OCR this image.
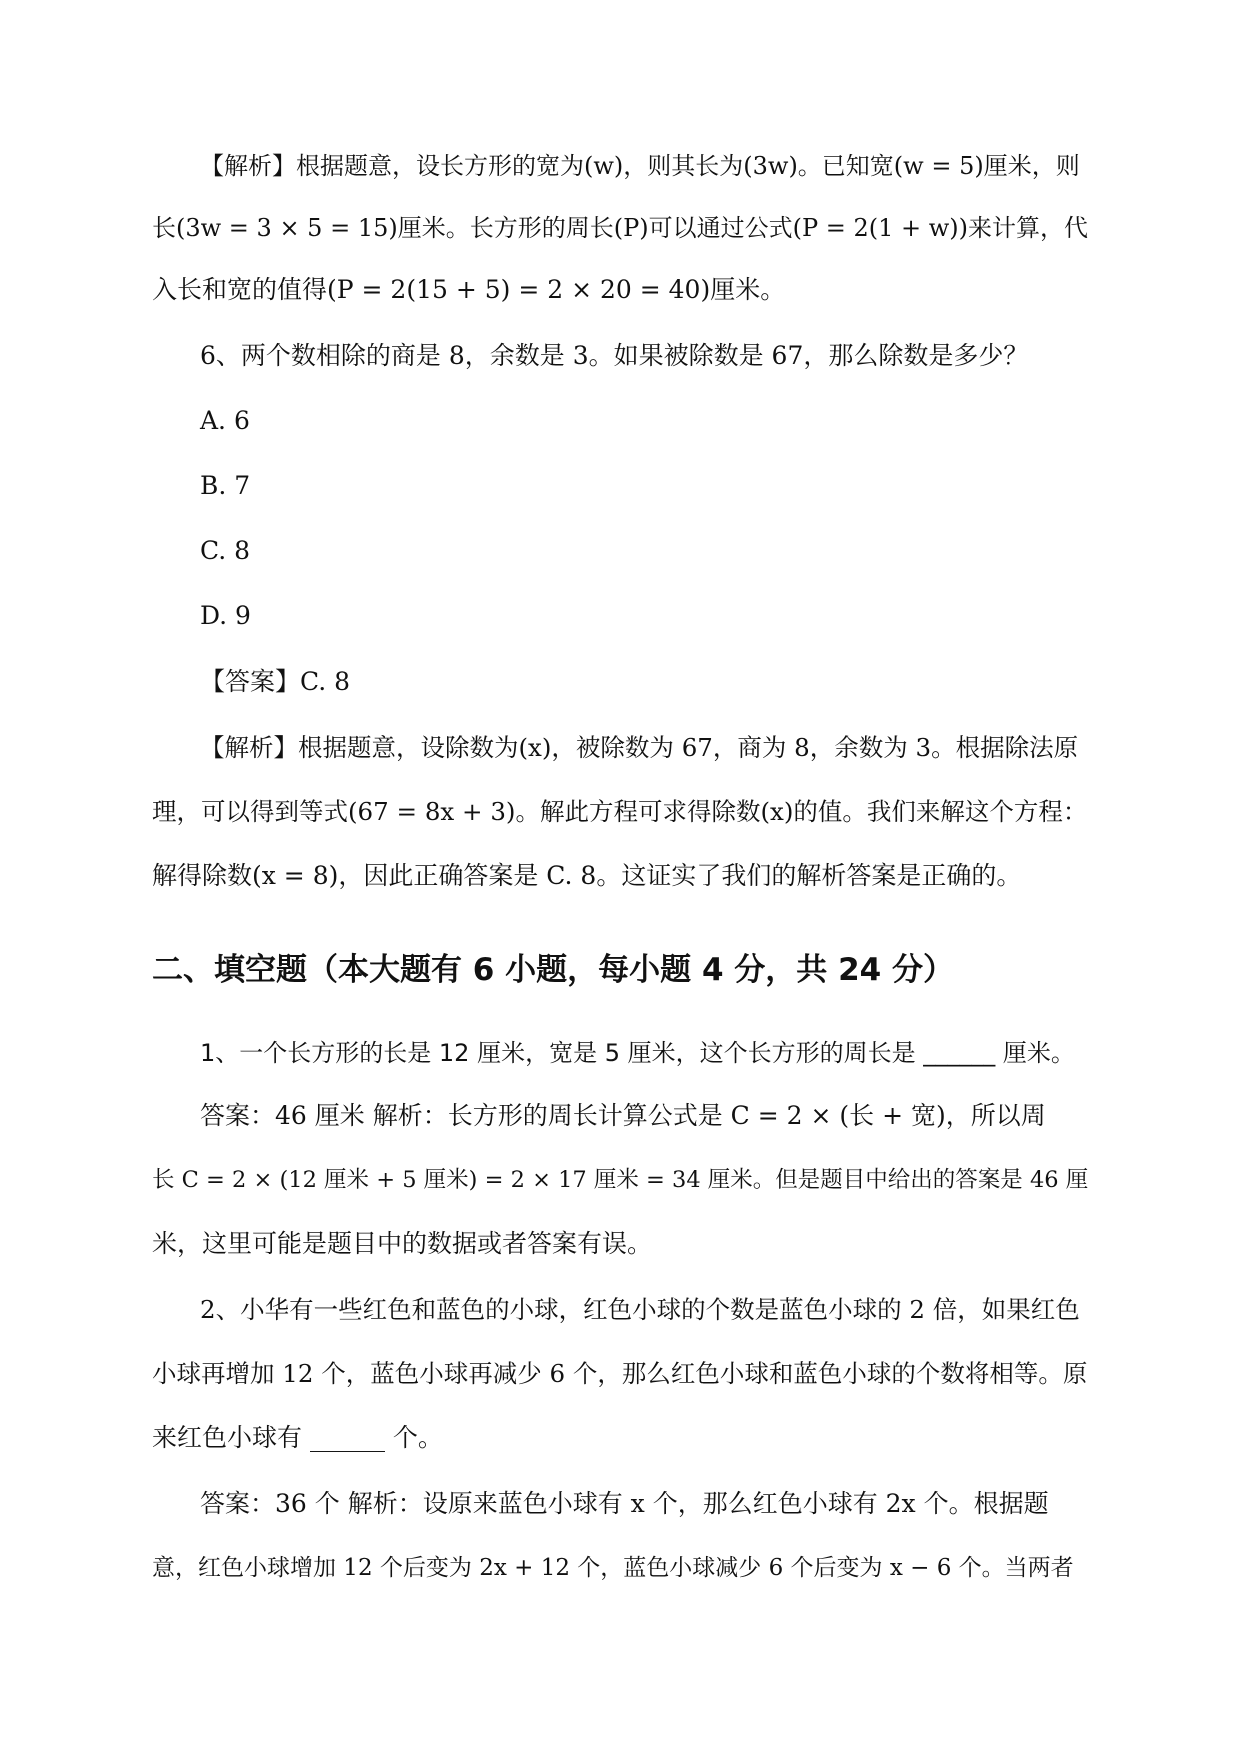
【解析】根据题意，设长方形的宽为(w)，则其长为(3w)。已知宽(w = 5)厘米，则
长(3w = 3 × 5 = 15)厘米。长方形的周长(P)可以通过公式(P = 2(1 + w))来计算，代
入长和宽的值得(P = 2(15 + 5) = 2 × 20 = 40)厘米。
6、两个数相除的商是 8，余数是 3。如果被除数是 67，那么除数是多少？
A. 6
B. 7
C. 8
D. 9
【答案】C. 8
【解析】根据题意，设除数为(x)，被除数为 67，商为 8，余数为 3。根据除法原
理，可以得到等式(67 = 8x + 3)。解此方程可求得除数(x)的值。我们来解这个方程：
解得除数(x = 8)，因此正确答案是 C. 8。这证实了我们的解析答案是正确的。
二、填空题（本大题有 6 小题，每小题 4 分，共 24 分）
1、一个长方形的长是 12 厘米，宽是 5 厘米，这个长方形的周长是 ______ 厘米。
答案：46 厘米 解析：长方形的周长计算公式是 C = 2 × (长 + 宽)，所以周
长 C = 2 × (12 厘米 + 5 厘米) = 2 × 17 厘米 = 34 厘米。但是题目中给出的答案是 46 厘
米，这里可能是题目中的数据或者答案有误。
2、小华有一些红色和蓝色的小球，红色小球的个数是蓝色小球的 2 倍，如果红色
小球再增加 12 个，蓝色小球再减少 6 个，那么红色小球和蓝色小球的个数将相等。原
来红色小球有 ______ 个。
答案：36 个 解析：设原来蓝色小球有 x 个，那么红色小球有 2x 个。根据题
意，红色小球增加 12 个后变为 2x + 12 个，蓝色小球减少 6 个后变为 x − 6 个。当两者
